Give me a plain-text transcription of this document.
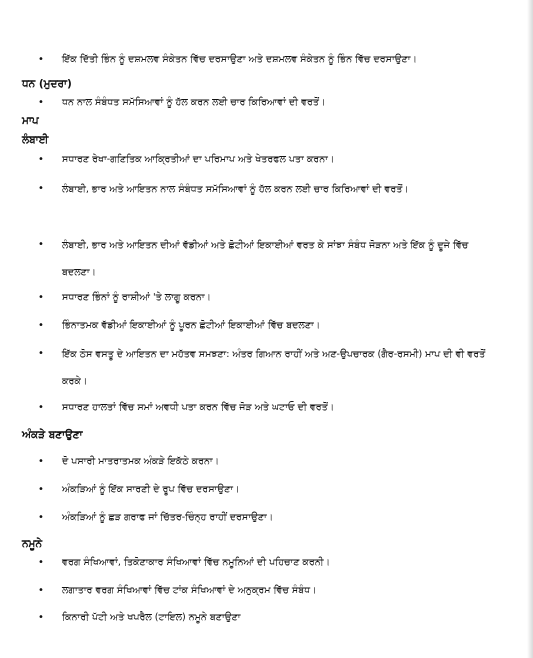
• ਇੱਕ ਦਿੱਤੀ ਭਿੰਨ ਨੂੰ ਦਸ਼ਮਲਵ ਸੰਕੇਤਨ ਵਿੱਚ ਦਰਸਾਉਣਾ ਅਤੇ ਦਸ਼ਮਲਵ ਸੰਕੇਤਨ ਨੂੰ ਭਿੰਨ ਵਿੱਚ ਦਰਸਾਉਣਾ।
ਧਨ (ਮੁਦਰਾ)
• ਧਨ ਨਾਲ ਸੰਬੰਧਤ ਸਮੱਸਿਆਵਾਂ ਨੂੰ ਹੱਲ ਕਰਨ ਲਈ ਚਾਰ ਕਿਰਿਆਵਾਂ ਦੀ ਵਰਤੋਂ।
ਮਾਪ
ਲੰਬਾਈ
• ਸਧਾਰਣ ਰੇਖਾ-ਗਣਿਤਿਕ ਆਕ੍ਰਿਤੀਆਂ ਦਾ ਪਰਿਮਾਪ ਅਤੇ ਖੇਤਰਫਲ ਪਤਾ ਕਰਨਾ।
• ਲੰਬਾਈ, ਭਾਰ ਅਤੇ ਆਇਤਨ ਨਾਲ ਸੰਬੰਧਤ ਸਮੱਸਿਆਵਾਂ ਨੂੰ ਹੱਲ ਕਰਨ ਲਈ ਚਾਰ ਕਿਰਿਆਵਾਂ ਦੀ ਵਰਤੋਂ।
• ਲੰਬਾਈ, ਭਾਰ ਅਤੇ ਆਇਤਨ ਦੀਆਂ ਵੱਡੀਆਂ ਅਤੇ ਛੋਟੀਆਂ ਇਕਾਈਆਂ ਵਰਤ ਕੇ ਸਾਂਝਾ ਸੰਬੰਧ ਜੋੜਨਾ ਅਤੇ ਇੱਕ ਨੂੰ ਦੂਜੇ ਵਿੱਚ ਬਦਲਣਾ।
• ਸਧਾਰਣ ਭਿੰਨਾਂ ਨੂੰ ਰਾਸ਼ੀਆਂ 'ਤੇ ਲਾਗੂ ਕਰਨਾ।
• ਭਿੰਨਾਤਮਕ ਵੱਡੀਆਂ ਇਕਾਈਆਂ ਨੂੰ ਪੂਰਨ ਛੋਟੀਆਂ ਇਕਾਈਆਂ ਵਿੱਚ ਬਦਲਣਾ।
• ਇੱਕ ਠੋਸ ਵਸਤੂ ਦੇ ਆਇਤਨ ਦਾ ਮਹੱਤਵ ਸਮਝਣਾ: ਅੰਤਰ ਗਿਆਨ ਰਾਹੀਂ ਅਤੇ ਅਣ-ਉਪਚਾਰਕ (ਗੈਰ-ਰਸਮੀ) ਮਾਪ ਦੀ ਵੀ ਵਰਤੋਂ ਕਰਕੇ।
• ਸਧਾਰਣ ਹਾਲਤਾਂ ਵਿੱਚ ਸਮਾਂ ਅਵਧੀ ਪਤਾ ਕਰਨ ਵਿੱਚ ਜੋੜ ਅਤੇ ਘਟਾਓ ਦੀ ਵਰਤੋਂ।
ਅੰਕੜੇ ਬਣਾਉਣਾ
• ਦੋ ਪਸਾਰੀ ਮਾਤਰਾਤਮਕ ਅੰਕੜੇ ਇਕੱਠੇ ਕਰਨਾ।
• ਅੰਕੜਿਆਂ ਨੂੰ ਇੱਕ ਸਾਰਣੀ ਦੇ ਰੂਪ ਵਿੱਚ ਦਰਸਾਉਣਾ।
• ਅੰਕੜਿਆਂ ਨੂੰ ਛੜ ਗਰਾਫ ਜਾਂ ਚਿੱਤਰ-ਚਿੰਨ੍ਹ ਰਾਹੀਂ ਦਰਸਾਉਣਾ।
ਨਮੂਨੇ
• ਵਰਗ ਸੰਖਿਆਵਾਂ, ਤਿਕੋਣਾਕਾਰ ਸੰਖਿਆਵਾਂ ਵਿੱਚ ਨਮੂਨਿਆਂ ਦੀ ਪਹਿਚਾਣ ਕਰਨੀ।
• ਲਗਾਤਾਰ ਵਰਗ ਸੰਖਿਆਵਾਂ ਵਿੱਚ ਟਾਂਕ ਸੰਖਿਆਵਾਂ ਦੇ ਅਨੁਕ੍ਰਮ ਵਿੱਚ ਸੰਬੰਧ।
• ਕਿਨਾਰੀ ਪੱਟੀ ਅਤੇ ਖਪਰੈਲ (ਟਾਇਲ) ਨਮੂਨੇ ਬਣਾਉਣਾ
